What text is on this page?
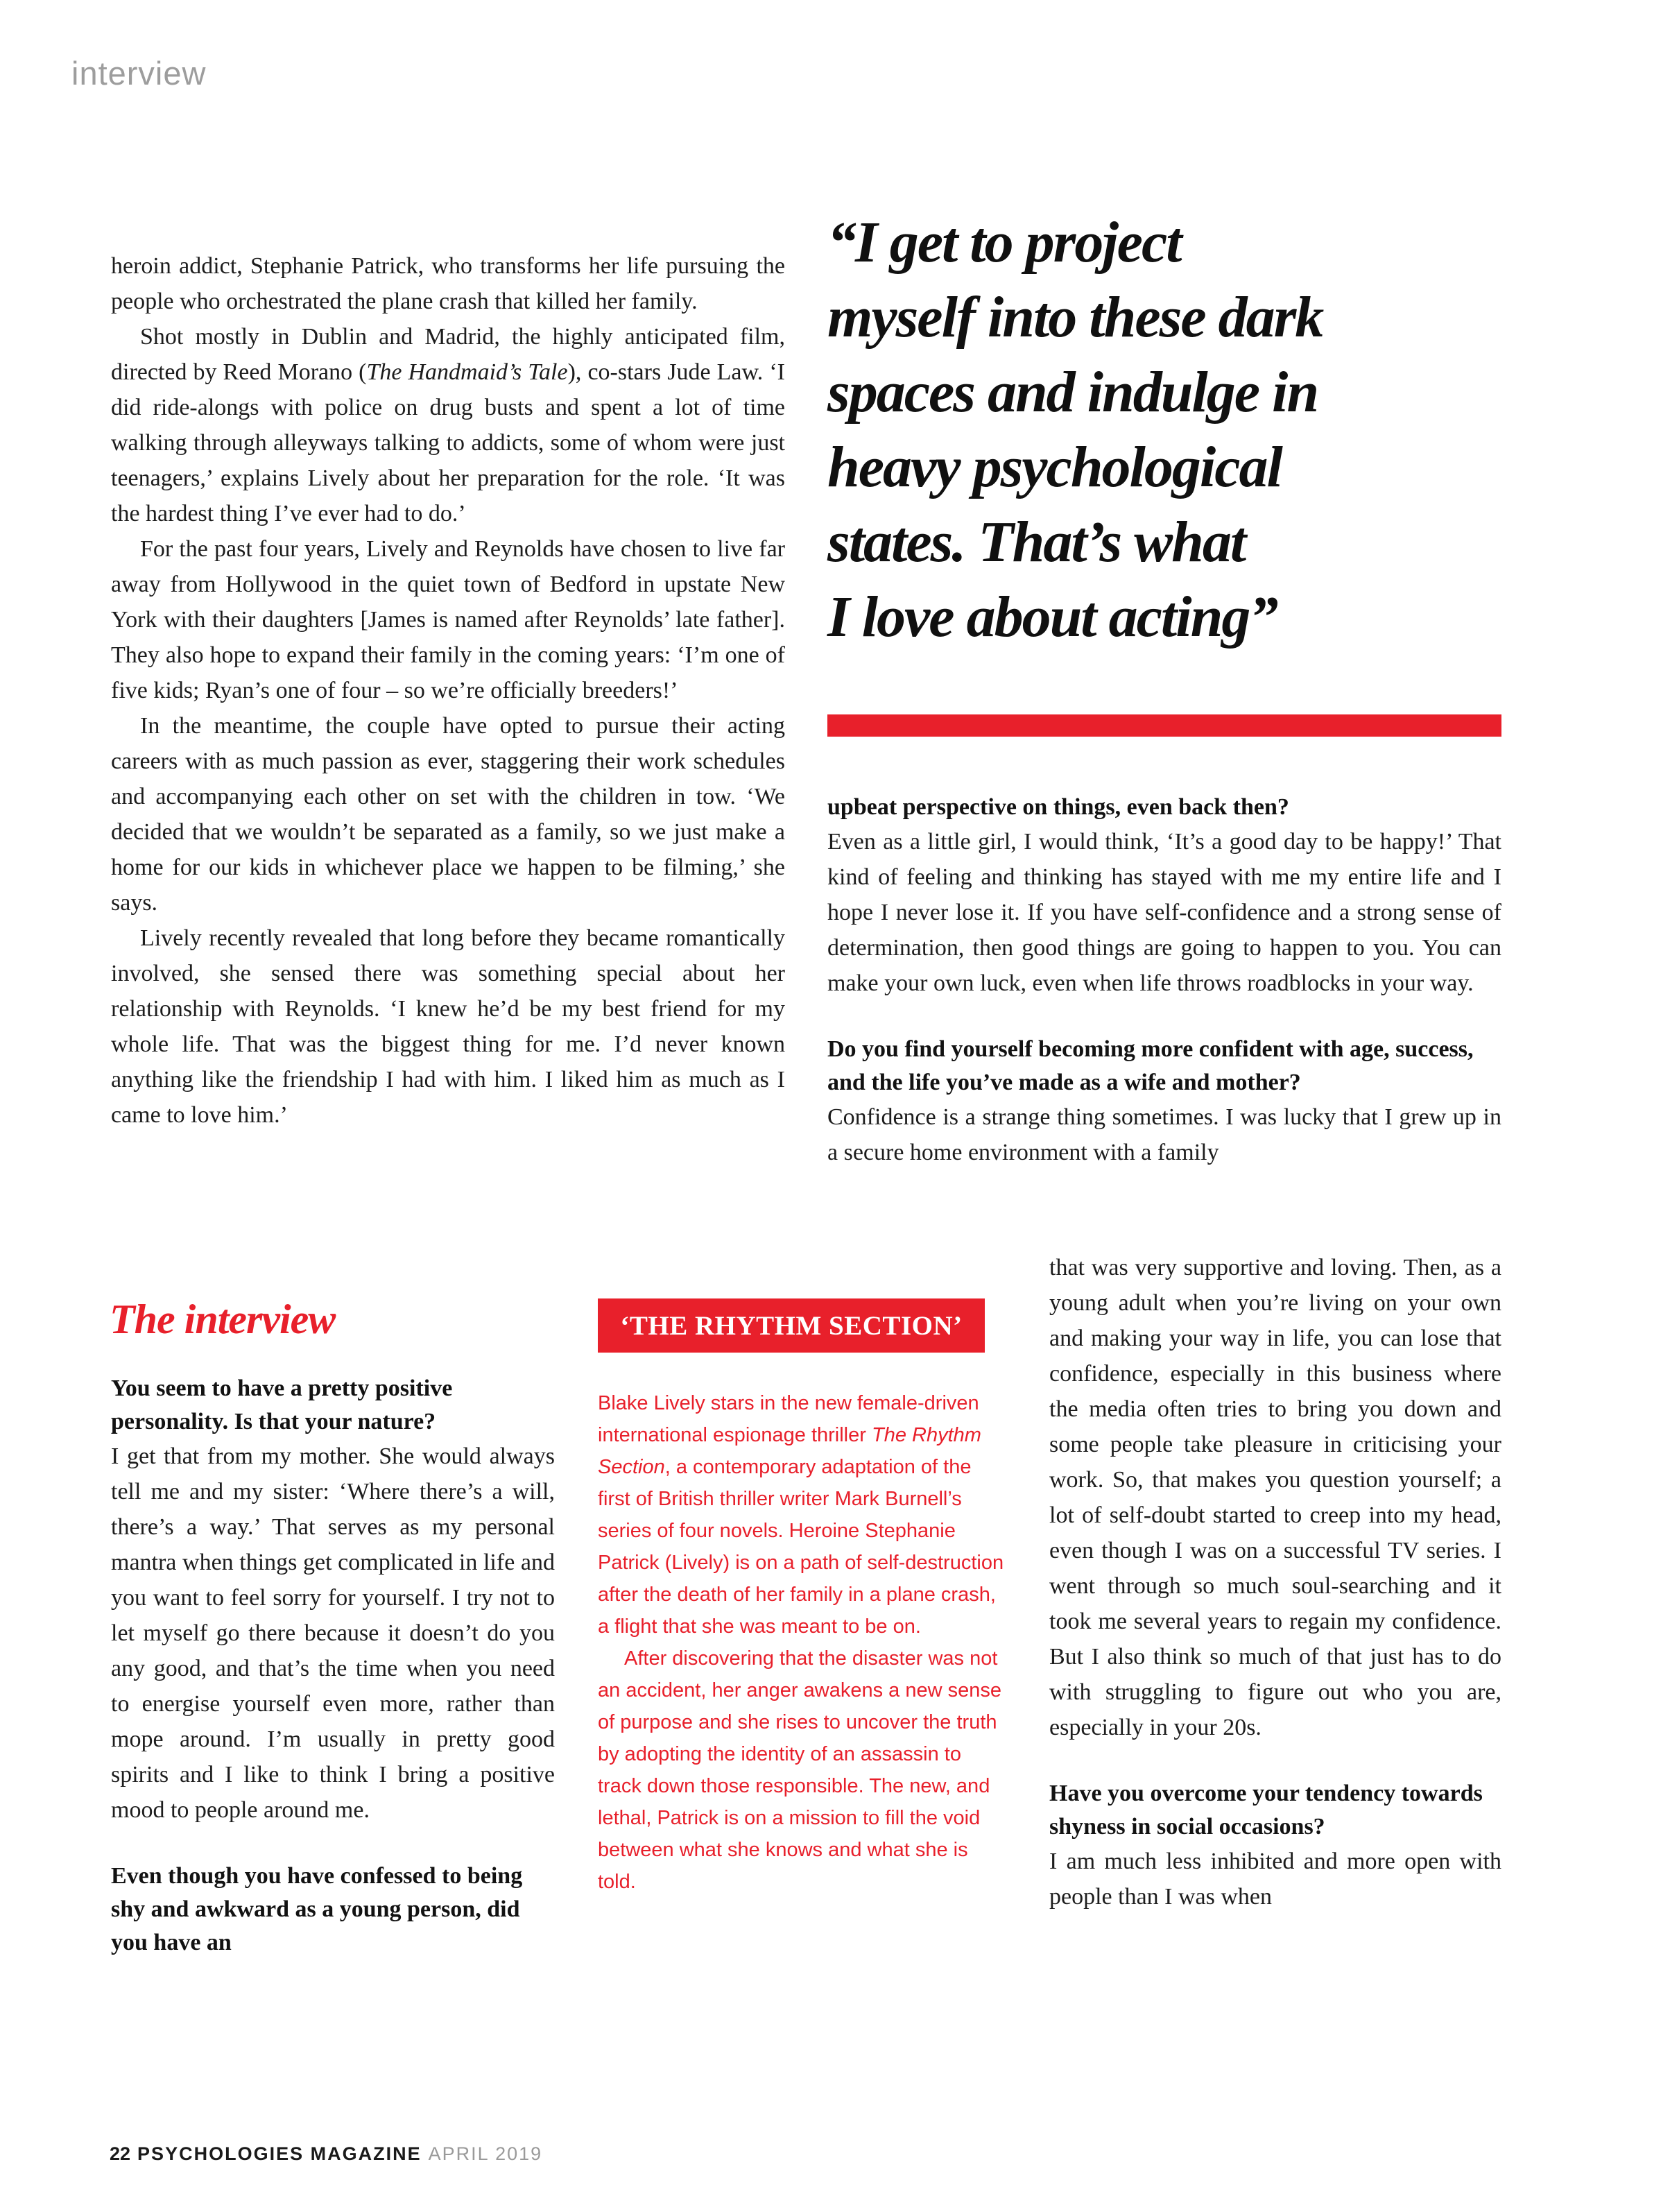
interview

heroin addict, Stephanie Patrick, who transforms her life pursuing the people who orchestrated the plane crash that killed her family.

Shot mostly in Dublin and Madrid, the highly anticipated film, directed by Reed Morano (The Handmaid’s Tale), co-stars Jude Law. ‘I did ride-alongs with police on drug busts and spent a lot of time walking through alleyways talking to addicts, some of whom were just teenagers,’ explains Lively about her preparation for the role. ‘It was the hardest thing I’ve ever had to do.’

For the past four years, Lively and Reynolds have chosen to live far away from Hollywood in the quiet town of Bedford in upstate New York with their daughters [James is named after Reynolds’ late father]. They also hope to expand their family in the coming years: ‘I’m one of five kids; Ryan’s one of four – so we’re officially breeders!’

In the meantime, the couple have opted to pursue their acting careers with as much passion as ever, staggering their work schedules and accompanying each other on set with the children in tow. ‘We decided that we wouldn’t be separated as a family, so we just make a home for our kids in whichever place we happen to be filming,’ she says.

Lively recently revealed that long before they became romantically involved, she sensed there was something special about her relationship with Reynolds. ‘I knew he’d be my best friend for my whole life. That was the biggest thing for me. I’d never known anything like the friendship I had with him. I liked him as much as I came to love him.’

“I get to project
myself into these dark
spaces and indulge in
heavy psychological
states. That’s what
I love about acting”

upbeat perspective on things, even back then?

Even as a little girl, I would think, ‘It’s a good day to be happy!’ That kind of feeling and thinking has stayed with me my entire life and I hope I never lose it. If you have self-confidence and a strong sense of determination, then good things are going to happen to you. You can make your own luck, even when life throws roadblocks in your way.

Do you find yourself becoming more confident with age, success, and the life you’ve made as a wife and mother?

Confidence is a strange thing sometimes. I was lucky that I grew up in a secure home environment with a family

that was very supportive and loving. Then, as a young adult when you’re living on your own and making your way in life, you can lose that confidence, especially in this business where the media often tries to bring you down and some people take pleasure in criticising your work. So, that makes you question yourself; a lot of self-doubt started to creep into my head, even though I was on a successful TV series. I went through so much soul-searching and it took me several years to regain my confidence. But I also think so much of that just has to do with struggling to figure out who you are, especially in your 20s.

Have you overcome your tendency towards shyness in social occasions?

I am much less inhibited and more open with people than I was when

The interview

You seem to have a pretty positive personality. Is that your nature?

I get that from my mother. She would always tell me and my sister: ‘Where there’s a will, there’s a way.’ That serves as my personal mantra when things get complicated in life and you want to feel sorry for yourself. I try not to let myself go there because it doesn’t do you any good, and that’s the time when you need to energise yourself even more, rather than mope around. I’m usually in pretty good spirits and I like to think I bring a positive mood to people around me.

Even though you have confessed to being shy and awkward as a young person, did you have an

‘THE RHYTHM SECTION’

Blake Lively stars in the new female-driven international espionage thriller The Rhythm Section, a contemporary adaptation of the first of British thriller writer Mark Burnell’s series of four novels. Heroine Stephanie Patrick (Lively) is on a path of self-destruction after the death of her family in a plane crash, a flight that she was meant to be on.

After discovering that the disaster was not an accident, her anger awakens a new sense of purpose and she rises to uncover the truth by adopting the identity of an assassin to track down those responsible. The new, and lethal, Patrick is on a mission to fill the void between what she knows and what she is told.

22 PSYCHOLOGIES MAGAZINE APRIL 2019
